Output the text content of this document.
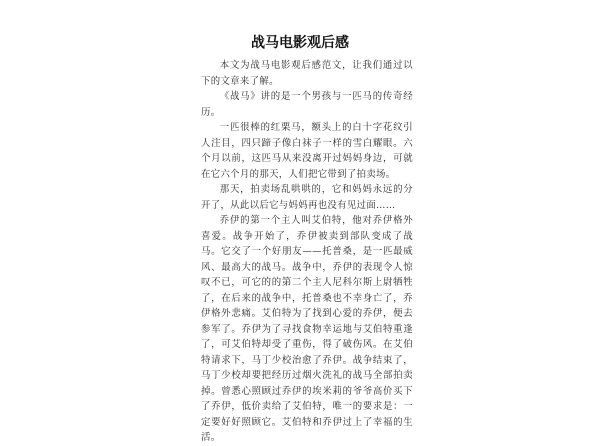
战马电影观后感

本文为战马电影观后感范文，让我们通过以下的文章来了解。

《战马》讲的是一个男孩与一匹马的传奇经历。

一匹很棒的红栗马，额头上的白十字花纹引人注目，四只蹄子像白袜子一样的雪白耀眼。六个月以前，这匹马从来没离开过妈妈身边，可就在它六个月的那天，人们把它带到了拍卖场。

那天，拍卖场乱哄哄的，它和妈妈永远的分开了，从此以后它与妈妈再也没有见过面……

乔伊的第一个主人叫艾伯特，他对乔伊格外喜爱。战争开始了，乔伊被卖到部队变成了战马。它交了一个好朋友——托普桑，是一匹最威风、最高大的战马。战争中，乔伊的表现令人惊叹不已，可它的的第二个主人尼科尔斯上尉牺牲了，在后来的战争中，托普桑也不幸身亡了，乔伊格外悲痛。艾伯特为了找到心爱的乔伊，便去参军了。乔伊为了寻找食物幸运地与艾伯特重逢了，可艾伯特却受了重伤，得了破伤风。在艾伯特请求下，马丁少校治愈了乔伊。战争结束了，马丁少校却要把经历过烟火洗礼的战马全部拍卖掉。曾悉心照顾过乔伊的埃米莉的爷爷高价买下了乔伊，低价卖给了艾伯特，唯一的要求是：一定要好好照顾它。艾伯特和乔伊过上了幸福的生活。
